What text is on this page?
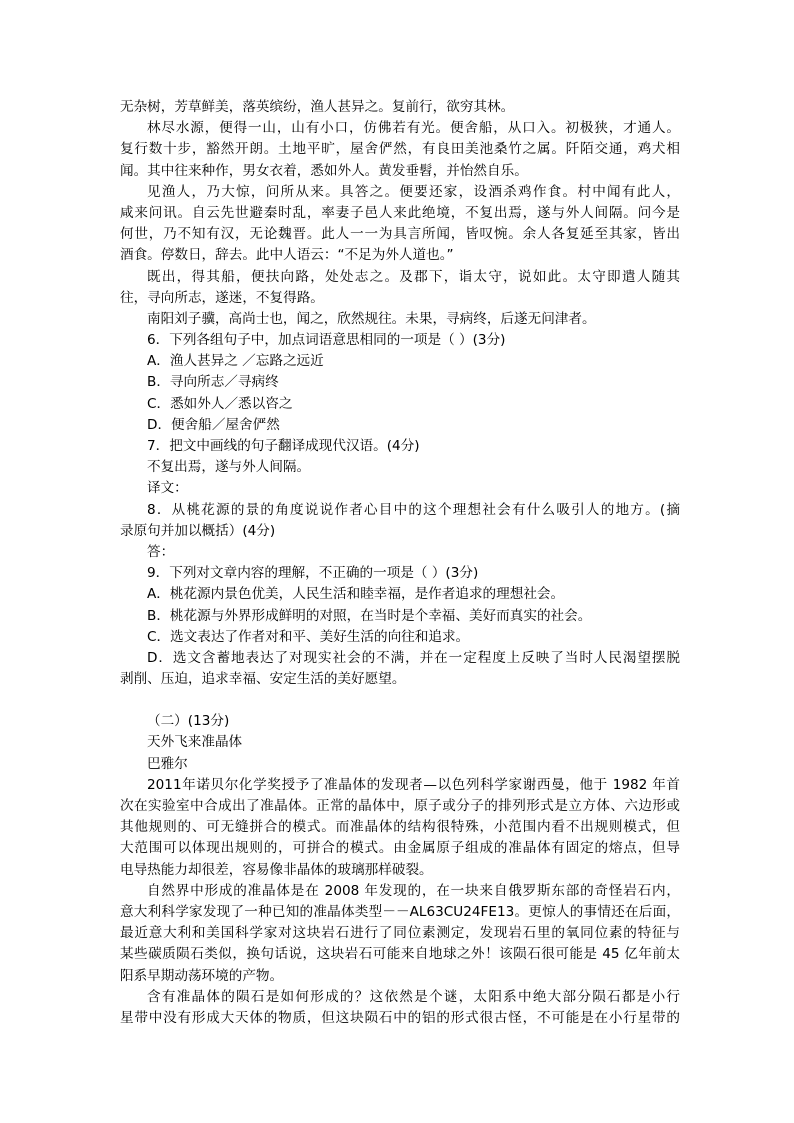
无杂树，芳草鲜美，落英缤纷，渔人甚异之。复前行，欲穷其林。
林尽水源，便得一山，山有小口，仿佛若有光。便舍船，从口入。初极狭，才通人。
复行数十步，豁然开朗。土地平旷，屋舍俨然，有良田美池桑竹之属。阡陌交通，鸡犬相
闻。其中往来种作，男女衣着，悉如外人。黄发垂髫，并怡然自乐。
见渔人，乃大惊，问所从来。具答之。便要还家，设酒杀鸡作食。村中闻有此人，
咸来问讯。自云先世避秦时乱，率妻子邑人来此绝境，不复出焉，遂与外人间隔。问今是
何世，乃不知有汉，无论魏晋。此人一一为具言所闻，皆叹惋。余人各复延至其家，皆出
酒食。停数日，辞去。此中人语云：“不足为外人道也。”
既出，得其船，便扶向路，处处志之。及郡下，诣太守，说如此。太守即遣人随其
往，寻向所志，遂迷，不复得路。
南阳刘子骥，高尚士也，闻之，欣然规往。未果，寻病终，后遂无问津者。
6．下列各组句子中，加点词语意思相同的一项是（ ）(3分)
A．渔人甚异之 ／忘路之远近
B．寻向所志／寻病终
C．悉如外人／悉以咨之
D．便舍船／屋舍俨然
7．把文中画线的句子翻译成现代汉语。(4分)
不复出焉，遂与外人间隔。
译文：
8．从桃花源的景的角度说说作者心目中的这个理想社会有什么吸引人的地方。(摘
录原句并加以概括）(4分)
答：
9．下列对文章内容的理解，不正确的一项是（ ）(3分)
A．桃花源内景色优美，人民生活和睦幸福，是作者追求的理想社会。
B．桃花源与外界形成鲜明的对照，在当时是个幸福、美好而真实的社会。
C．选文表达了作者对和平、美好生活的向往和追求。
D．选文含蓄地表达了对现实社会的不满，并在一定程度上反映了当时人民渴望摆脱
剥削、压迫，追求幸福、安定生活的美好愿望。
（二）(13分)
天外飞来准晶体
巴雅尔
2011年诺贝尔化学奖授予了准晶体的发现者—以色列科学家谢西曼，他于 1982 年首
次在实验室中合成出了准晶体。正常的晶体中，原子或分子的排列形式是立方体、六边形或
其他规则的、可无缝拼合的模式。而准晶体的结构很特殊，小范围内看不出规则模式，但
大范围可以体现出规则的，可拼合的模式。由金属原子组成的准晶体有固定的熔点，但导
电导热能力却很差，容易像非晶体的玻璃那样破裂。
自然界中形成的准晶体是在 2008 年发现的，在一块来自俄罗斯东部的奇怪岩石内，
意大利科学家发现了一种已知的准晶体类型－－AL63CU24FE13。更惊人的事情还在后面，
最近意大利和美国科学家对这块岩石进行了同位素测定，发现岩石里的氧同位素的特征与
某些碳质陨石类似，换句话说，这块岩石可能来自地球之外！该陨石很可能是 45 亿年前太
阳系早期动荡环境的产物。
含有准晶体的陨石是如何形成的？这依然是个谜，太阳系中绝大部分陨石都是小行
星带中没有形成大天体的物质，但这块陨石中的铝的形式很古怪，不可能是在小行星带的
